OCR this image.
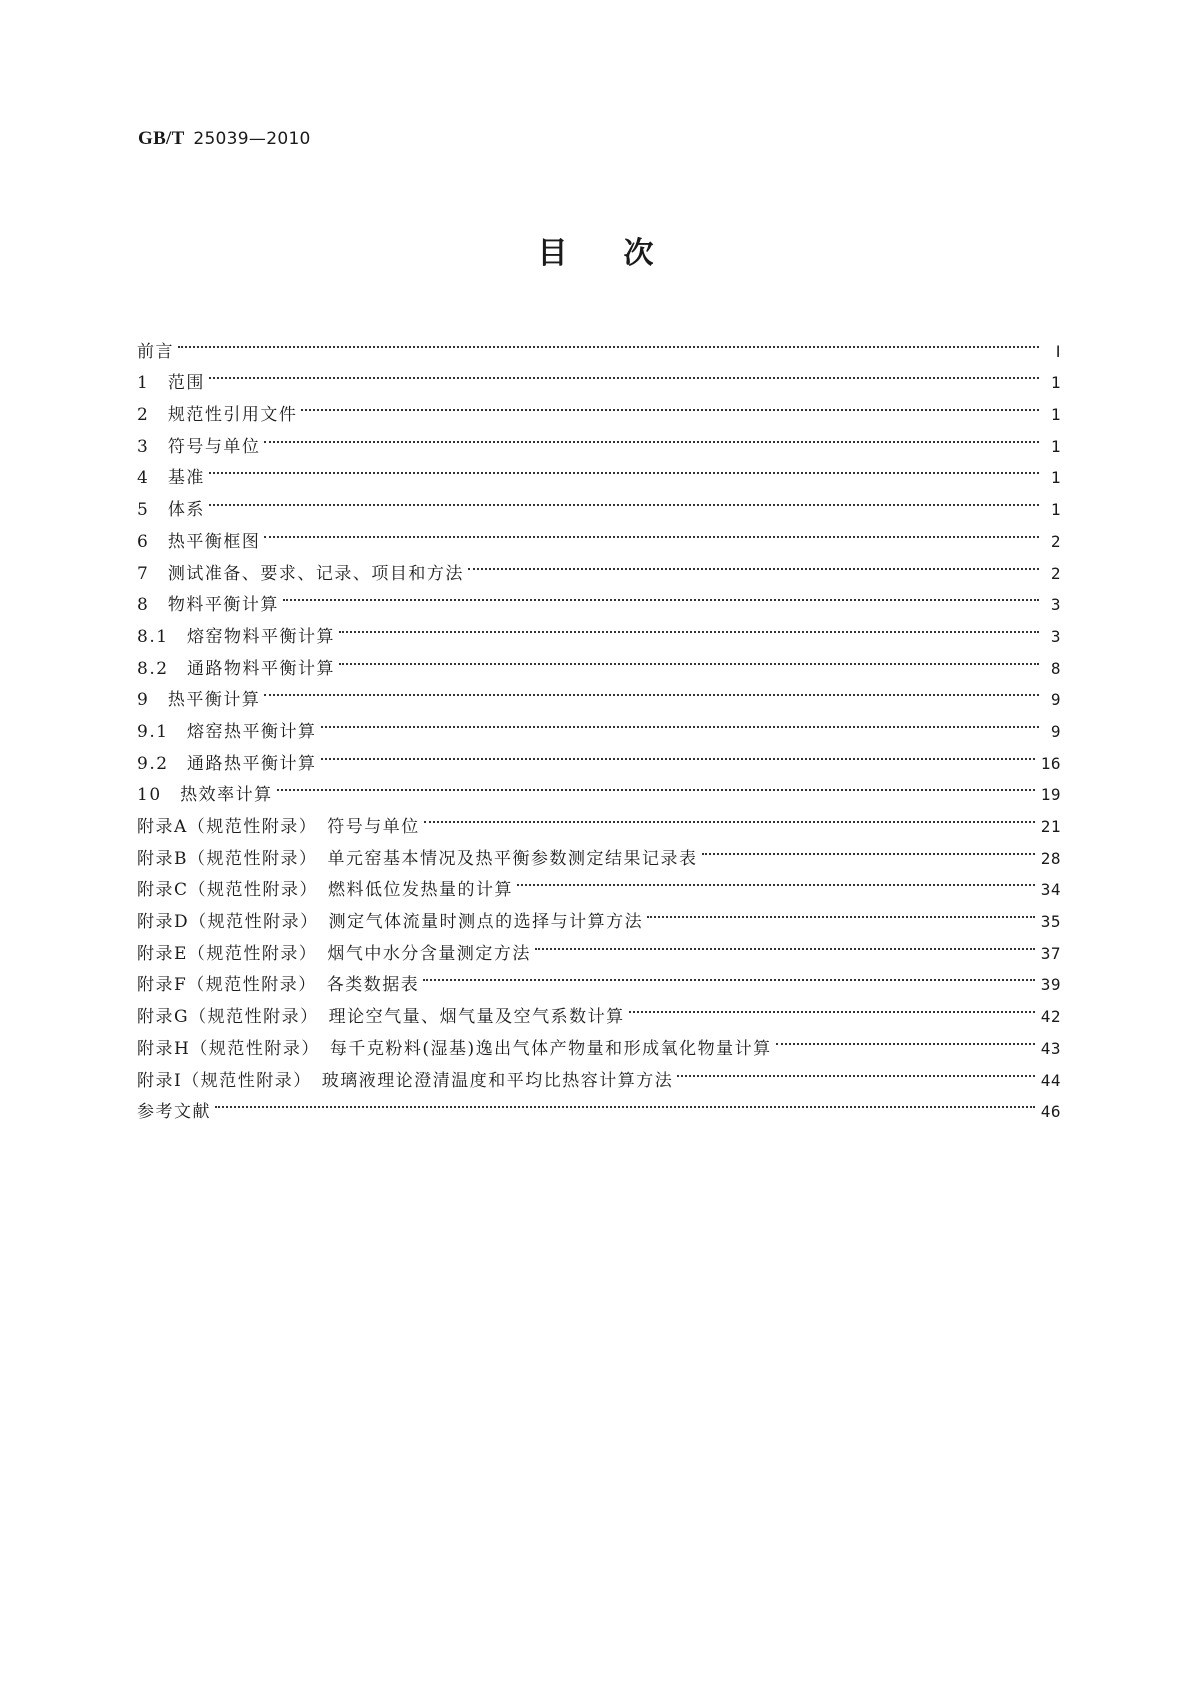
GB/T 25039—2010
目次
前言	Ⅰ
1　范围	1
2　规范性引用文件	1
3　符号与单位	1
4　基准	1
5　体系	1
6　热平衡框图	2
7　测试准备、要求、记录、项目和方法	2
8　物料平衡计算	3
8.1　熔窑物料平衡计算	3
8.2　通路物料平衡计算	8
9　热平衡计算	9
9.1　熔窑热平衡计算	9
9.2　通路热平衡计算	16
10　热效率计算	19
附录A（规范性附录）　符号与单位	21
附录B（规范性附录）　单元窑基本情况及热平衡参数测定结果记录表	28
附录C（规范性附录）　燃料低位发热量的计算	34
附录D（规范性附录）　测定气体流量时测点的选择与计算方法	35
附录E（规范性附录）　烟气中水分含量测定方法	37
附录F（规范性附录）　各类数据表	39
附录G（规范性附录）　理论空气量、烟气量及空气系数计算	42
附录H（规范性附录）　每千克粉料(湿基)逸出气体产物量和形成氧化物量计算	43
附录I（规范性附录）　玻璃液理论澄清温度和平均比热容计算方法	44
参考文献	46
